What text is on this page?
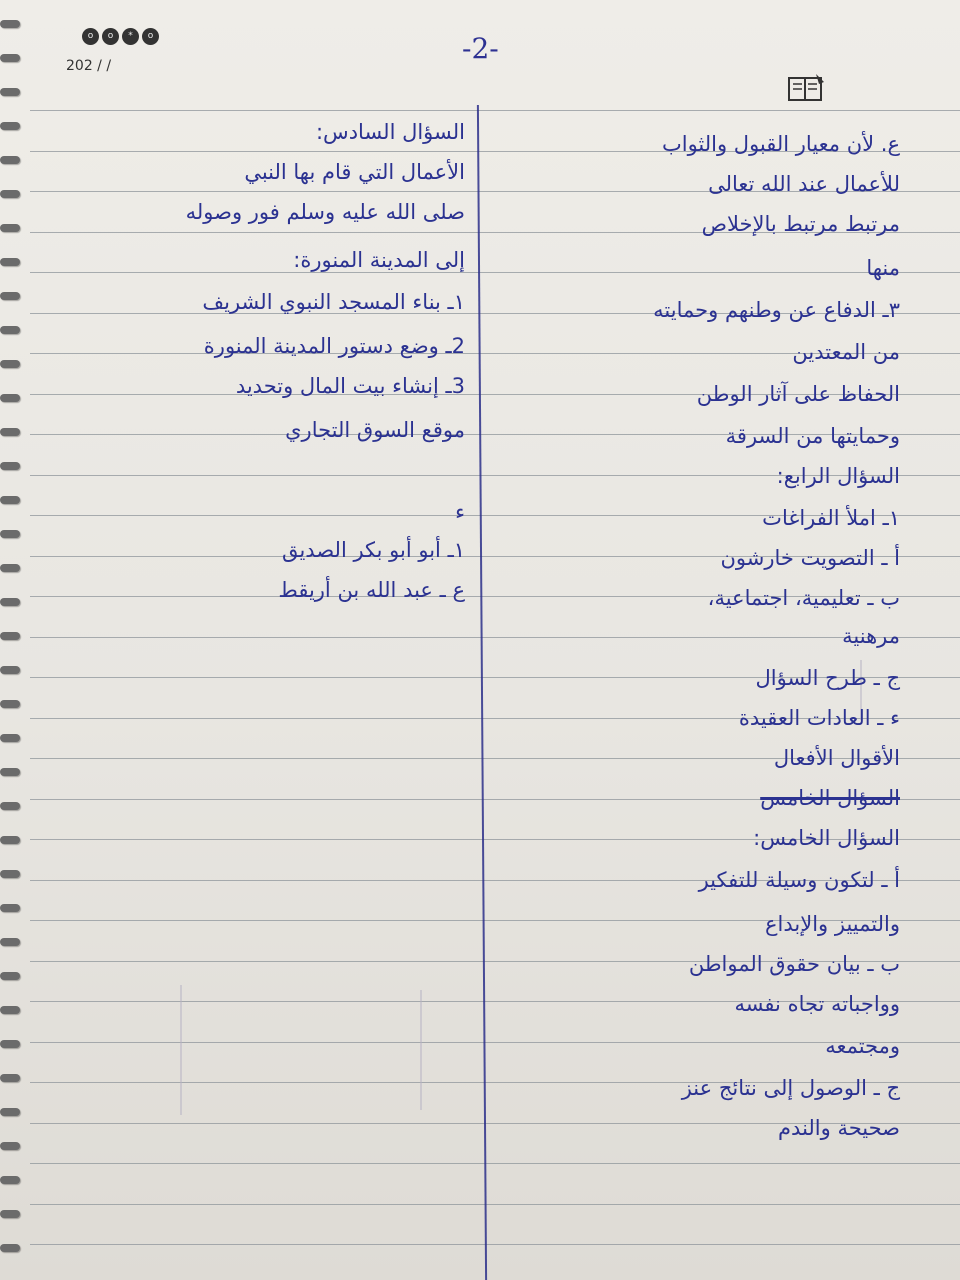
o	o	*	o
202 / /
-2-
ع. لأن معيار القبول والثواب
للأعمال عند الله تعالى
مرتبط مرتبط بالإخلاص
منها
٣ـ الدفاع عن وطنهم وحمايته
من المعتدين
الحفاظ على آثار الوطن
وحمايتها من السرقة
السؤال الرابع:
١ـ املأ الفراغات
أ ـ التصويت خارشون
ب ـ تعليمية، اجتماعية،
مرهنية
ج ـ طرح السؤال
ء ـ العادات العقيدة
الأقوال الأفعال
السؤال الخامس
السؤال الخامس:
أ ـ لتكون وسيلة للتفكير
والتمييز والإبداع
ب ـ بيان حقوق المواطن
وواجباته تجاه نفسه
ومجتمعه
ج ـ الوصول إلى نتائج عنز
صحيحة والندم
السؤال السادس:
الأعمال التي قام بها النبي
صلى الله عليه وسلم فور وصوله
إلى المدينة المنورة:
١ـ بناء المسجد النبوي الشريف
2ـ وضع دستور المدينة المنورة
3ـ إنشاء بيت المال وتحديد
موقع السوق التجاري
ء
١ـ أبو أبو بكر الصديق
ع ـ عبد الله بن أريقط
